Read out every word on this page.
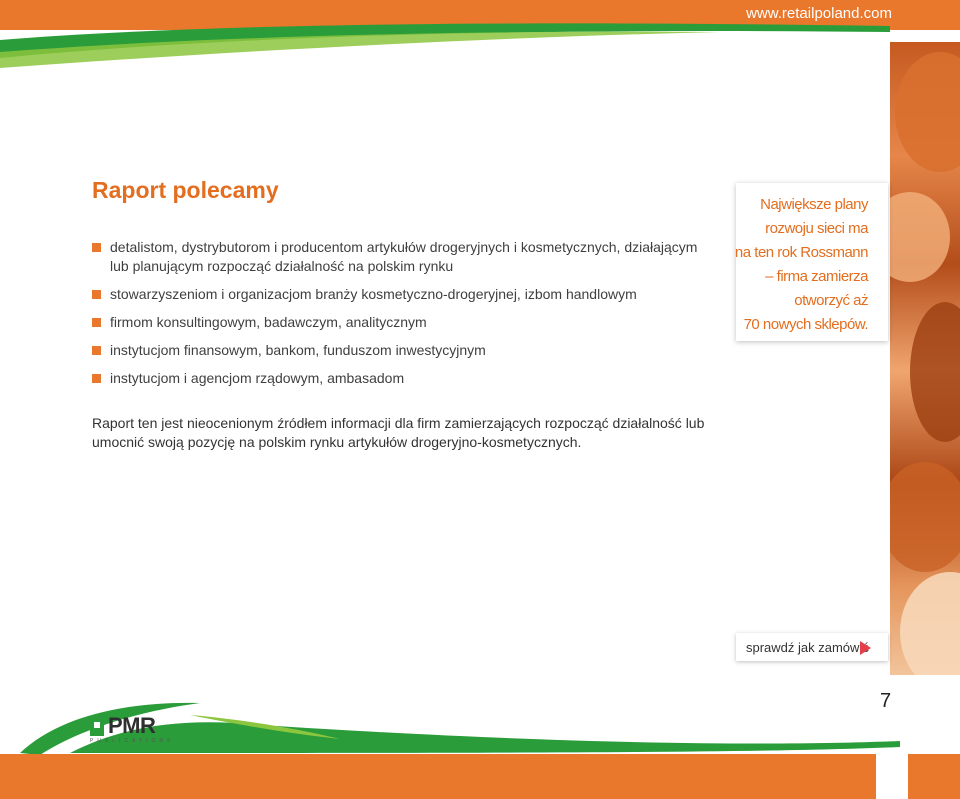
www.retailpoland.com
Raport polecamy
detalistom, dystrybutorom i producentom artykułów drogeryjnych i kosmetycznych, działającym lub planującym rozpocząć działalność na polskim rynku
stowarzyszeniom i organizacjom branży kosmetyczno-drogeryjnej, izbom handlowym
firmom konsultingowym, badawczym, analitycznym
instytucjom finansowym, bankom, funduszom inwestycyjnym
instytucjom i agencjom rządowym, ambasadom

Raport ten jest nieocenionym źródłem informacji dla firm zamierzających rozpocząć działalność lub umocnić swoją pozycję na polskim rynku artykułów drogeryjno-kosmetycznych.

Największe plany
rozwoju sieci ma
na ten rok Rossmann
– firma zamierza
otworzyć aż
70 nowych sklepów.
sprawdź jak zamówić
7
PMR
PUBLICATIONS
